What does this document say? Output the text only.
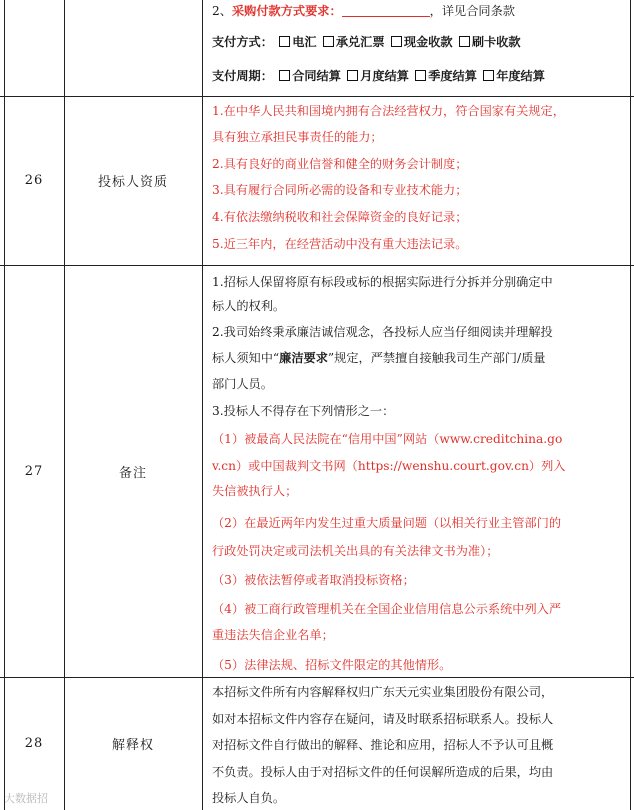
2、采购付款方式要求：	，详见合同条款
支付方式： 电汇 承兑汇票 现金收款 刷卡收款
支付周期： 合同结算 月度结算 季度结算 年度结算
26	投标人资质
1.在中华人民共和国境内拥有合法经营权力，符合国家有关规定，
具有独立承担民事责任的能力；
2.具有良好的商业信誉和健全的财务会计制度；
3.具有履行合同所必需的设备和专业技术能力；
4.有依法缴纳税收和社会保障资金的良好记录；
5.近三年内，在经营活动中没有重大违法记录。
27	备注
1.招标人保留将原有标段或标的根据实际进行分拆并分别确定中
标人的权利。
2.我司始终秉承廉洁诚信观念，各投标人应当仔细阅读并理解投
标人须知中“廉洁要求”规定，严禁擅自接触我司生产部门/质量
部门人员。
3.投标人不得存在下列情形之一：
（1）被最高人民法院在“信用中国”网站（www.creditchina.go
v.cn）或中国裁判文书网（https://wenshu.court.gov.cn）列入
失信被执行人；
（2）在最近两年内发生过重大质量问题（以相关行业主管部门的
行政处罚决定或司法机关出具的有关法律文书为准）；
（3）被依法暂停或者取消投标资格；
（4）被工商行政管理机关在全国企业信用信息公示系统中列入严
重违法失信企业名单；
（5）法律法规、招标文件限定的其他情形。
28	解释权
本招标文件所有内容解释权归广东天元实业集团股份有限公司，
如对本招标文件内容存在疑问，请及时联系招标联系人。投标人
对招标文件自行做出的解释、推论和应用，招标人不予认可且概
不负责。投标人由于对招标文件的任何误解所造成的后果，均由
投标人自负。
大数据招
